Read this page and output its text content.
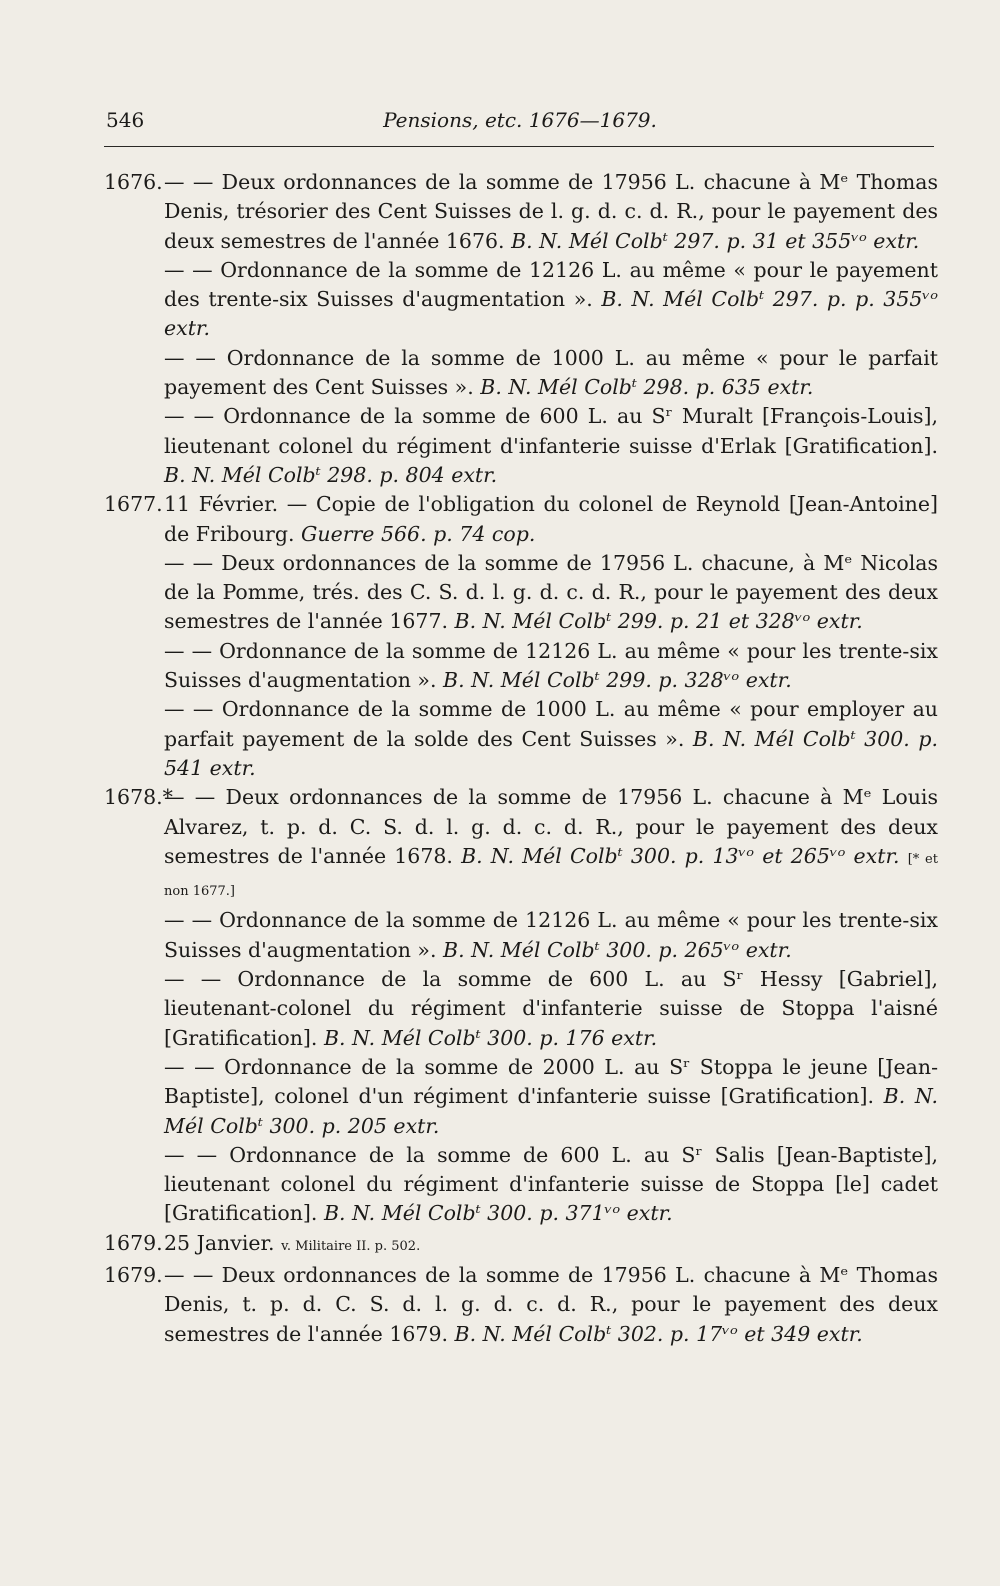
546	Pensions, etc. 1676—1679.
1676. — — Deux ordonnances de la somme de 17956 L. chacune à Mᵉ Thomas Denis, trésorier des Cent Suisses de l. g. d. c. d. R., pour le payement des deux semestres de l'année 1676. B. N. Mél Colbᵗ 297. p. 31 et 355ᵛᵒ extr.
— — Ordonnance de la somme de 12126 L. au même « pour le payement des trente-six Suisses d'augmentation ». B. N. Mél Colbᵗ 297. p. p. 355ᵛᵒ extr.
— — Ordonnance de la somme de 1000 L. au même « pour le parfait payement des Cent Suisses ». B. N. Mél Colbᵗ 298. p. 635 extr.
— — Ordonnance de la somme de 600 L. au Sʳ Muralt [François-Louis], lieutenant colonel du régiment d'infanterie suisse d'Erlak [Gratification]. B. N. Mél Colbᵗ 298. p. 804 extr.
1677. 11 Février. — Copie de l'obligation du colonel de Reynold [Jean-Antoine] de Fribourg. Guerre 566. p. 74 cop.
— — Deux ordonnances de la somme de 17956 L. chacune, à Mᵉ Nicolas de la Pomme, trés. des C. S. d. l. g. d. c. d. R., pour le payement des deux semestres de l'année 1677. B. N. Mél Colbᵗ 299. p. 21 et 328ᵛᵒ extr.
— — Ordonnance de la somme de 12126 L. au même « pour les trente-six Suisses d'augmentation ». B. N. Mél Colbᵗ 299. p. 328ᵛᵒ extr.
— — Ordonnance de la somme de 1000 L. au même « pour employer au parfait payement de la solde des Cent Suisses ». B. N. Mél Colbᵗ 300. p. 541 extr.
1678.*
— — Deux ordonnances de la somme de 17956 L. chacune à Mᵉ Louis Alvarez, t. p. d. C. S. d. l. g. d. c. d. R., pour le payement des deux semestres de l'année 1678. B. N. Mél Colbᵗ 300. p. 13ᵛᵒ et 265ᵛᵒ extr. [* et non 1677.]
— — Ordonnance de la somme de 12126 L. au même « pour les trente-six Suisses d'augmentation ». B. N. Mél Colbᵗ 300. p. 265ᵛᵒ extr.
— — Ordonnance de la somme de 600 L. au Sʳ Hessy [Gabriel], lieutenant-colonel du régiment d'infanterie suisse de Stoppa l'aisné [Gratification]. B. N. Mél Colbᵗ 300. p. 176 extr.
— — Ordonnance de la somme de 2000 L. au Sʳ Stoppa le jeune [Jean-Baptiste], colonel d'un régiment d'infanterie suisse [Gratification]. B. N. Mél Colbᵗ 300. p. 205 extr.
— — Ordonnance de la somme de 600 L. au Sʳ Salis [Jean-Baptiste], lieutenant colonel du régiment d'infanterie suisse de Stoppa [le] cadet [Gratification]. B. N. Mél Colbᵗ 300. p. 371ᵛᵒ extr.
1679. 25 Janvier. v. Militaire II. p. 502.
1679. — — Deux ordonnances de la somme de 17956 L. chacune à Mᵉ Thomas Denis, t. p. d. C. S. d. l. g. d. c. d. R., pour le payement des deux semestres de l'année 1679. B. N. Mél Colbᵗ 302. p. 17ᵛᵒ et 349 extr.
